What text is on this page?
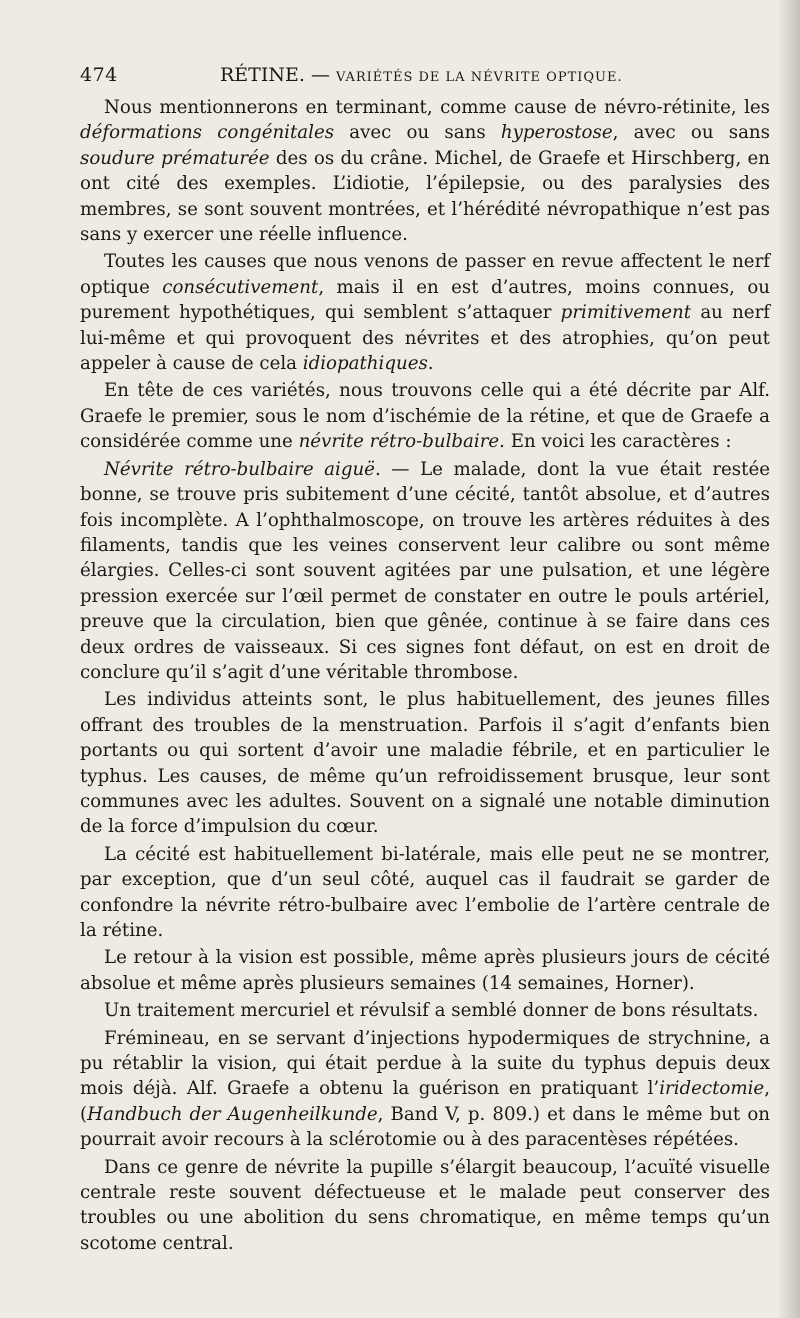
474	RÉTINE. — VARIÉTÉS DE LA NÉVRITE OPTIQUE.

Nous mentionnerons en terminant, comme cause de névro-rétinite, les déformations congénitales avec ou sans hyperostose, avec ou sans soudure prématurée des os du crâne. Michel, de Graefe et Hirschberg, en ont cité des exemples. L’idiotie, l’épilepsie, ou des paralysies des membres, se sont souvent montrées, et l’hérédité névropathique n’est pas sans y exercer une réelle influence.

Toutes les causes que nous venons de passer en revue affectent le nerf optique consécutivement, mais il en est d’autres, moins connues, ou purement hypothétiques, qui semblent s’attaquer primitivement au nerf lui-même et qui provoquent des névrites et des atrophies, qu’on peut appeler à cause de cela idiopathiques.

En tête de ces variétés, nous trouvons celle qui a été décrite par Alf. Graefe le premier, sous le nom d’ischémie de la rétine, et que de Graefe a considérée comme une névrite rétro-bulbaire. En voici les caractères :

Névrite rétro-bulbaire aiguë. — Le malade, dont la vue était restée bonne, se trouve pris subitement d’une cécité, tantôt absolue, et d’autres fois incomplète. A l’ophthalmoscope, on trouve les artères réduites à des filaments, tandis que les veines conservent leur calibre ou sont même élargies. Celles-ci sont souvent agitées par une pulsation, et une légère pression exercée sur l’œil permet de constater en outre le pouls artériel, preuve que la circulation, bien que gênée, continue à se faire dans ces deux ordres de vaisseaux. Si ces signes font défaut, on est en droit de conclure qu’il s’agit d’une véritable thrombose.

Les individus atteints sont, le plus habituellement, des jeunes filles offrant des troubles de la menstruation. Parfois il s’agit d’enfants bien portants ou qui sortent d’avoir une maladie fébrile, et en particulier le typhus. Les causes, de même qu’un refroidissement brusque, leur sont communes avec les adultes. Souvent on a signalé une notable diminution de la force d’impulsion du cœur.

La cécité est habituellement bi-latérale, mais elle peut ne se montrer, par exception, que d’un seul côté, auquel cas il faudrait se garder de confondre la névrite rétro-bulbaire avec l’embolie de l’artère centrale de la rétine.

Le retour à la vision est possible, même après plusieurs jours de cécité absolue et même après plusieurs semaines (14 semaines, Horner).

Un traitement mercuriel et révulsif a semblé donner de bons résultats.

Frémineau, en se servant d’injections hypodermiques de strychnine, a pu rétablir la vision, qui était perdue à la suite du typhus depuis deux mois déjà. Alf. Graefe a obtenu la guérison en pratiquant l’iridectomie, (Handbuch der Augenheilkunde, Band V, p. 809.) et dans le même but on pourrait avoir recours à la sclérotomie ou à des paracentèses répétées.

Dans ce genre de névrite la pupille s’élargit beaucoup, l’acuïté visuelle centrale reste souvent défectueuse et le malade peut conserver des troubles ou une abolition du sens chromatique, en même temps qu’un scotome central.
